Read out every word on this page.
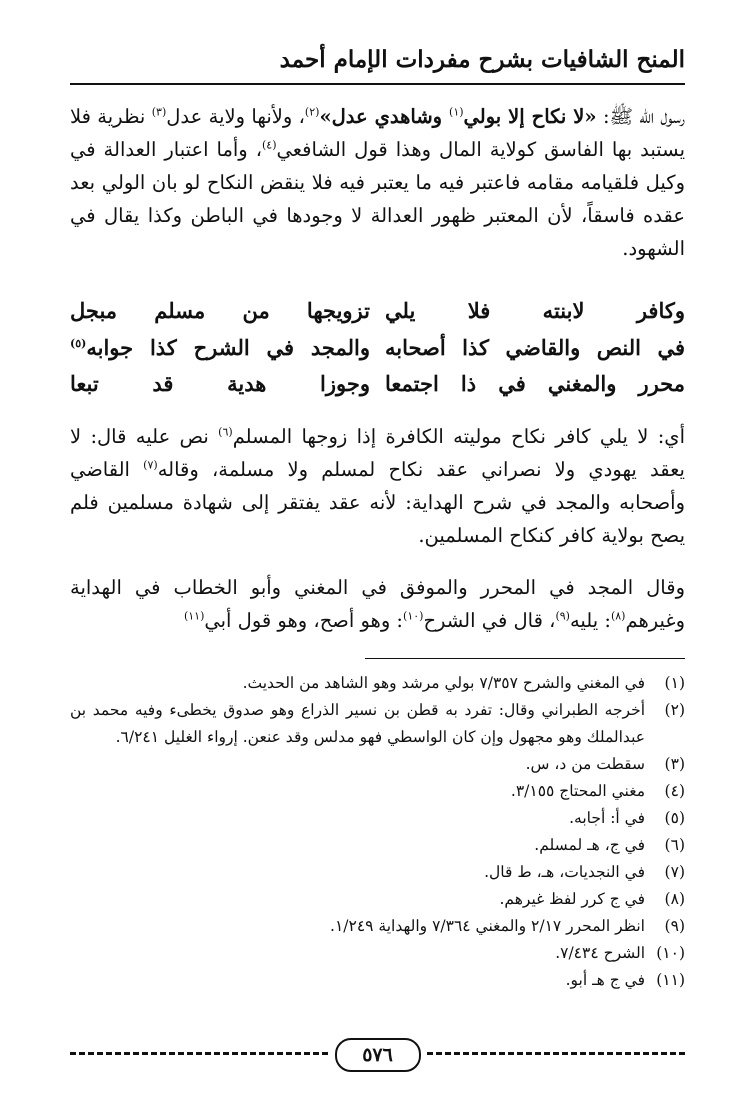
المنح الشافيات بشرح مفردات الإمام أحمد
رسول الله ﷺ: «لا نكاح إلا بولي$^{(١)}$ وشاهدي عدل»$^{(٢)}$، ولأنها ولاية عدل$^{(٣)}$ نظرية فلا يستبد بها الفاسق كولاية المال وهذا قول الشافعي$^{(٤)}$، وأما اعتبار العدالة في وكيل فلقيامه مقامه فاعتبر فيه ما يعتبر فيه فلا ينقض النكاح لو بان الولي بعد عقده فاسقاً، لأن المعتبر ظهور العدالة لا وجودها في الباطن وكذا يقال في الشهود.
وكافر لابنته فلا يلي
تزويجها من مسلم مبجل
في النص والقاضي كذا أصحابه
والمجد في الشرح كذا جوابه$^{(٥)}$
محرر والمغني في ذا اجتمعا
وجوزا هدية قد تبعا
أي: لا يلي كافر نكاح موليته الكافرة إذا زوجها المسلم$^{(٦)}$ نص عليه قال: لا يعقد يهودي ولا نصراني عقد نكاح لمسلم ولا مسلمة، وقاله$^{(٧)}$ القاضي وأصحابه والمجد في شرح الهداية: لأنه عقد يفتقر إلى شهادة مسلمين فلم يصح بولاية كافر كنكاح المسلمين.
وقال المجد في المحرر والموفق في المغني وأبو الخطاب في الهداية وغيرهم$^{(٨)}$: يليه$^{(٩)}$، قال في الشرح$^{(١٠)}$: وهو أصح، وهو قول أبي$^{(١١)}$
(١)
في المغني والشرح ٧/٣٥٧ بولي مرشد وهو الشاهد من الحديث.
(٢)
أخرجه الطبراني وقال: تفرد به قطن بن نسير الذراع وهو صدوق يخطىء وفيه محمد بن عبدالملك وهو مجهول وإن كان الواسطي فهو مدلس وقد عنعن. إرواء الغليل ٦/٢٤١.
(٣)
سقطت من د، س.
(٤)
مغني المحتاج ٣/١٥٥.
(٥)
في أ: أجابه.
(٦)
في ج، هـ لمسلم.
(٧)
في النجديات، هـ، ط قال.
(٨)
في ج كرر لفظ غيرهم.
(٩)
انظر المحرر ٢/١٧ والمغني ٧/٣٦٤ والهداية ١/٢٤٩.
(١٠)
الشرح ٧/٤٣٤.
(١١)
في ج هـ أبو.
٥٧٦
